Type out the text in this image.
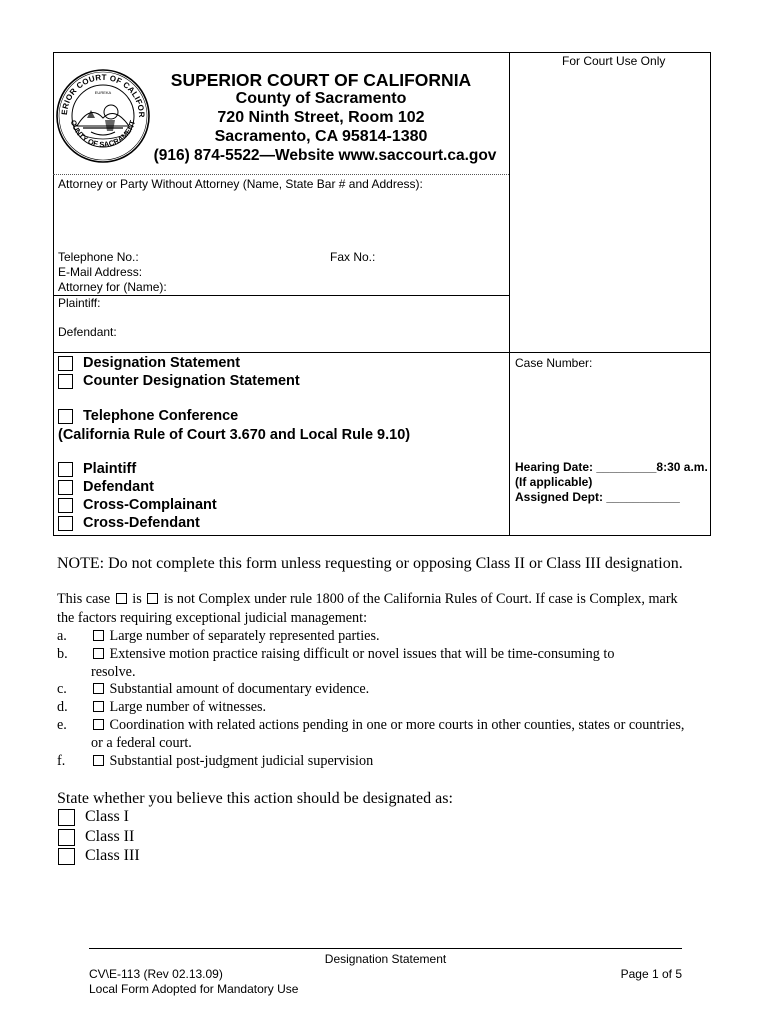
For Court Use Only
ERIOR COURT OF CALIFOR
OUNTY OF SACRAMENT
EUREKA
SUPERIOR COURT OF CALIFORNIA
County of Sacramento
720 Ninth Street, Room 102
Sacramento, CA 95814-1380
(916) 874-5522—Website www.saccourt.ca.gov
Attorney or Party Without Attorney (Name, State Bar # and Address):
Telephone No.:	Fax No.:
E-Mail Address:
Attorney for (Name):
Plaintiff:
Defendant:
Designation Statement
Counter Designation Statement
Telephone Conference
(California Rule of Court 3.670 and Local Rule 9.10)
Plaintiff
Defendant
Cross-Complainant
Cross-Defendant
Case Number:
Hearing Date: _________8:30 a.m.
(If applicable)
Assigned Dept: ___________
NOTE: Do not complete this form unless requesting or opposing Class II or Class III designation.
This case is is not Complex under rule 1800 of the California Rules of Court. If case is Complex, mark
the factors requiring exceptional judicial management:
a.	Large number of separately represented parties.
b.	Extensive motion practice raising difficult or novel issues that will be time-consuming to
resolve.
c.	Substantial amount of documentary evidence.
d.	Large number of witnesses.
e.	Coordination with related actions pending in one or more courts in other counties, states or countries,
or a federal court.
f.	Substantial post-judgment judicial supervision
State whether you believe this action should be designated as:
Class I
Class II
Class III
Designation Statement
CV\E-113 (Rev 02.13.09)	Page 1 of 5
Local Form Adopted for Mandatory Use
